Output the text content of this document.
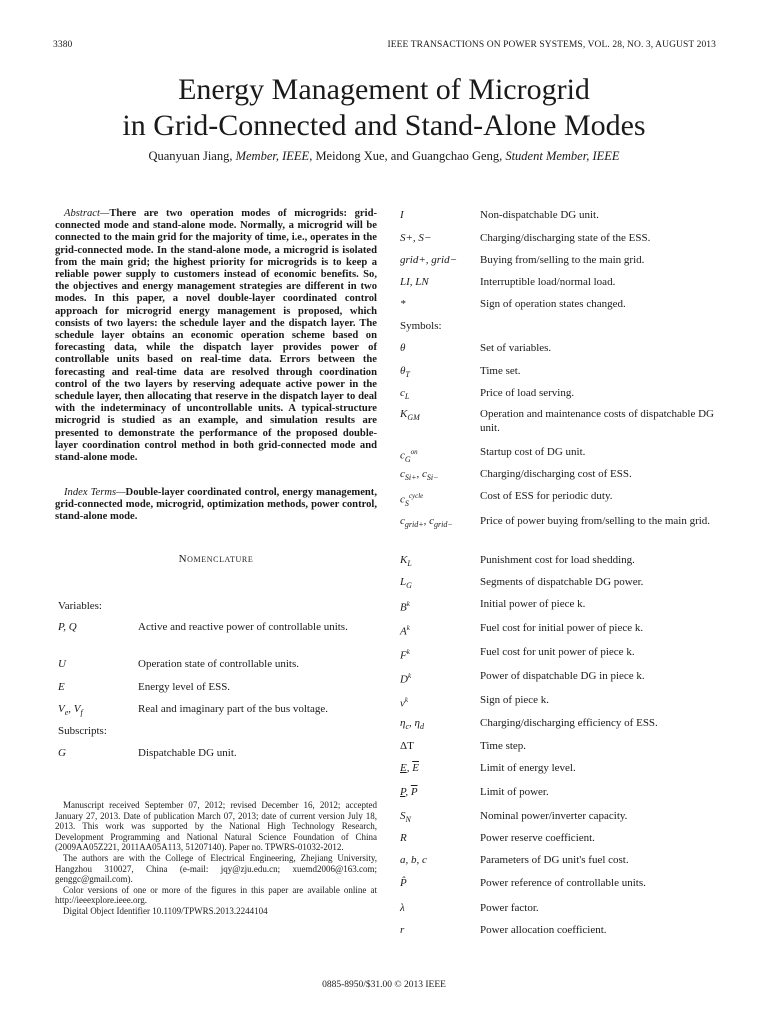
3380	IEEE TRANSACTIONS ON POWER SYSTEMS, VOL. 28, NO. 3, AUGUST 2013
Energy Management of Microgrid
in Grid-Connected and Stand-Alone Modes
Quanyuan Jiang, Member, IEEE, Meidong Xue, and Guangchao Geng, Student Member, IEEE

Abstract—There are two operation modes of microgrids: grid-connected mode and stand-alone mode. Normally, a microgrid will be connected to the main grid for the majority of time, i.e., operates in the grid-connected mode. In the stand-alone mode, a microgrid is isolated from the main grid; the highest priority for microgrids is to keep a reliable power supply to customers instead of economic benefits. So, the objectives and energy management strategies are different in two modes. In this paper, a novel double-layer coordinated control approach for microgrid energy management is proposed, which consists of two layers: the schedule layer and the dispatch layer. The schedule layer obtains an economic operation scheme based on forecasting data, while the dispatch layer provides power of controllable units based on real-time data. Errors between the forecasting and real-time data are resolved through coordination control of the two layers by reserving adequate active power in the schedule layer, then allocating that reserve in the dispatch layer to deal with the indeterminacy of uncontrollable units. A typical-structure microgrid is studied as an example, and simulation results are presented to demonstrate the performance of the proposed double-layer coordination control method in both grid-connected mode and stand-alone mode.

Index Terms—Double-layer coordinated control, energy management, grid-connected mode, microgrid, optimization methods, power control, stand-alone mode.

Nomenclature
Variables:
P, Q	Active and reactive power of controllable units.
U	Operation state of controllable units.
E	Energy level of ESS.
$V_e$, $V_f$	Real and imaginary part of the bus voltage.
Subscripts:
G	Dispatchable DG unit.
I	Non-dispatchable DG unit.
S+, S−	Charging/discharging state of the ESS.
grid+, grid− Buying from/selling to the main grid.
LI, LN	Interruptible load/normal load.
*	Sign of operation states changed.
Symbols:
θ	Set of variables.
$\theta_T$	Time set.
$c_L$	Price of load serving.
$K_{GM}$	Operation and maintenance costs of dispatchable DG unit.
$c_G^{on}$	Startup cost of DG unit.
$c_{Si+}$, $c_{Si-}$	Charging/discharging cost of ESS.
$c_S^{cycle}$	Cost of ESS for periodic duty.
$c_{grid+}$, $c_{grid-}$ Price of power buying from/selling to the main grid.
$K_L$	Punishment cost for load shedding.
$L_G$	Segments of dispatchable DG power.
$B^k$	Initial power of piece k.
$A^k$	Fuel cost for initial power of piece k.
$F^k$	Fuel cost for unit power of piece k.
$D^k$	Power of dispatchable DG in piece k.
$v^k$	Sign of piece k.
$\eta_c$, $\eta_d$	Charging/discharging efficiency of ESS.
ΔT	Time step.
E, $\overline{E}$	Limit of energy level.
P, $\overline{P}$	Limit of power.
$S_N$	Nominal power/inverter capacity.
R	Power reserve coefficient.
a, b, c	Parameters of DG unit's fuel cost.
P̂	Power reference of controllable units.
λ	Power factor.
r	Power allocation coefficient.

Manuscript received September 07, 2012; revised December 16, 2012; accepted January 27, 2013. Date of publication March 07, 2013; date of current version July 18, 2013. This work was supported by the National High Technology Research, Development Programming and National Natural Science Foundation of China (2009AA05Z221, 2011AA05A113, 51207140). Paper no. TPWRS-01032-2012.

The authors are with the College of Electrical Engineering, Zhejiang University, Hangzhou 310027, China (e-mail: jqy@zju.edu.cn; xuemd2006@163.com; genggc@gmail.com).

Color versions of one or more of the figures in this paper are available online at http://ieeexplore.ieee.org.

Digital Object Identifier 10.1109/TPWRS.2013.2244104

0885-8950/$31.00 © 2013 IEEE
